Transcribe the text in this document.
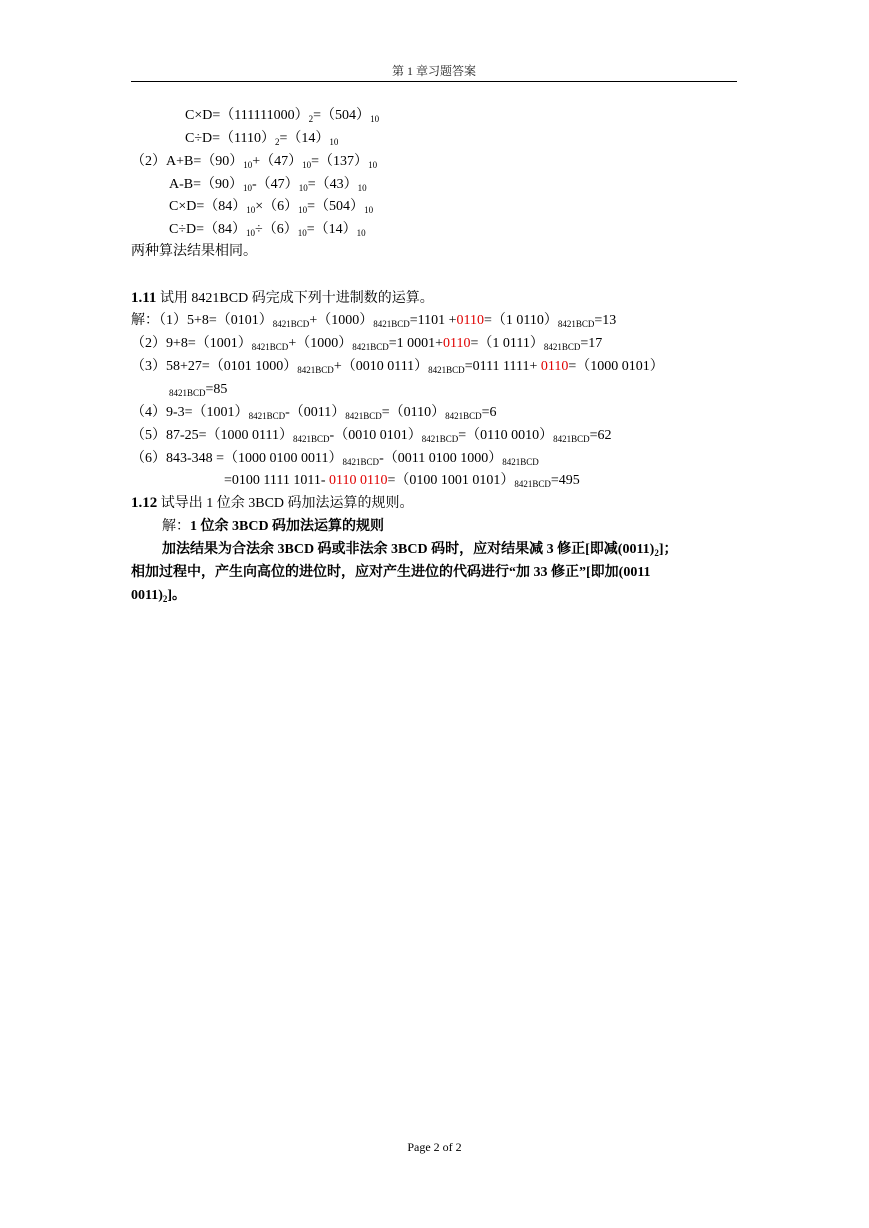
第 1 章习题答案
$C\times D=(111111000)_2=(504)_{10}$
$C\div D=(1110)_2=(14)_{10}$
$(2)A+B=(90)_{10}+(47)_{10}=(137)_{10}$
$A-B=(90)_{10}-(47)_{10}=(43)_{10}$
$C\times D=(84)_{10}\times(6)_{10}=(504)_{10}$
$C\div D=(84)_{10}\div(6)_{10}=(14)_{10}$
两种算法结果相同。
1.11 试用 8421BCD 码完成下列十进制数的运算。
解：$(1)5+8=(0101)_{8421BCD}+(1000)_{8421BCD}=1101 +0110=(1$ $0110)_{8421BCD}=13$
$(2)9+8=(1001)_{8421BCD}+(1000)_{8421BCD}=1$ 0001+0110=（1 $0111)_{8421BCD}=17$
（3）58+27=（0101 $1000)_{8421BCD}+(0010$ $0111)_{8421BCD}=0111$ 1111+ 0110=（1000 0101）
$_{8421BCD}$=85
$(4)9-3=(1001)_{8421BCD}-(0011)_{8421BCD}=(0110)_{8421BCD}=6$
（5）87-25=（1000 $0111)_{8421BCD}-(0010$ $0101)_{8421BCD}=(0110$ $0010)_{8421BCD}=62$
（6）843-348 =（1000 0100 $0011)_{8421BCD}-(0011$ 0100 $1000)_{8421BCD}$
=0100 1111 1011- 0110 0110=（0100 1001 $0101)_{8421BCD}=495$
1.12 试导出 1 位余 3BCD 码加法运算的规则。
解：1 位余 3BCD 码加法运算的规则
加法结果为合法余 3BCD 码或非法余 3BCD 码时，应对结果减 3 修正[即减$(0011)_2$]；
相加过程中，产生向高位的进位时，应对产生进位的代码进行“加 33 修正”[即加(0011
$0011)_2$]。
Page 2 of 2
